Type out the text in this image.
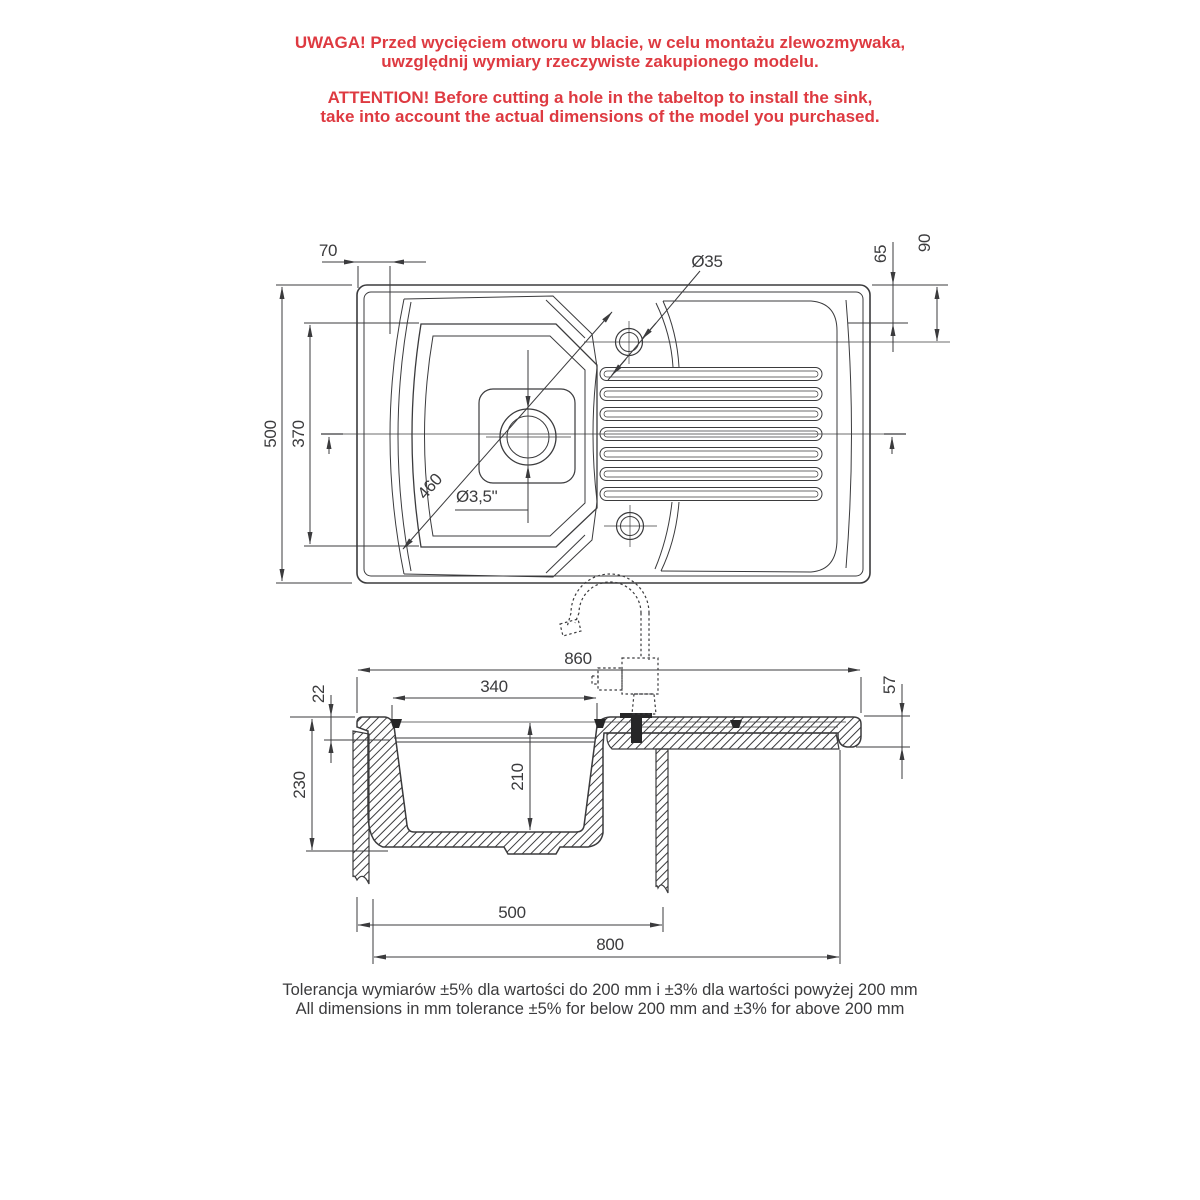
UWAGA! Przed wycięciem otworu w blacie, w celu montażu zlewozmywaka,
uwzględnij wymiary rzeczywiste zakupionego modelu.
ATTENTION! Before cutting a hole in the tabeltop to install the sink,
take into account the actual dimensions of the model you purchased.
70
500 370
65
90
Ø35
460 Ø3,5"
860
340
22
230	210
57
500
800
Tolerancja wymiarów ±5% dla wartości do 200 mm i ±3% dla wartości powyżej 200 mm
All dimensions in mm tolerance ±5% for below 200 mm and ±3% for above 200 mm
